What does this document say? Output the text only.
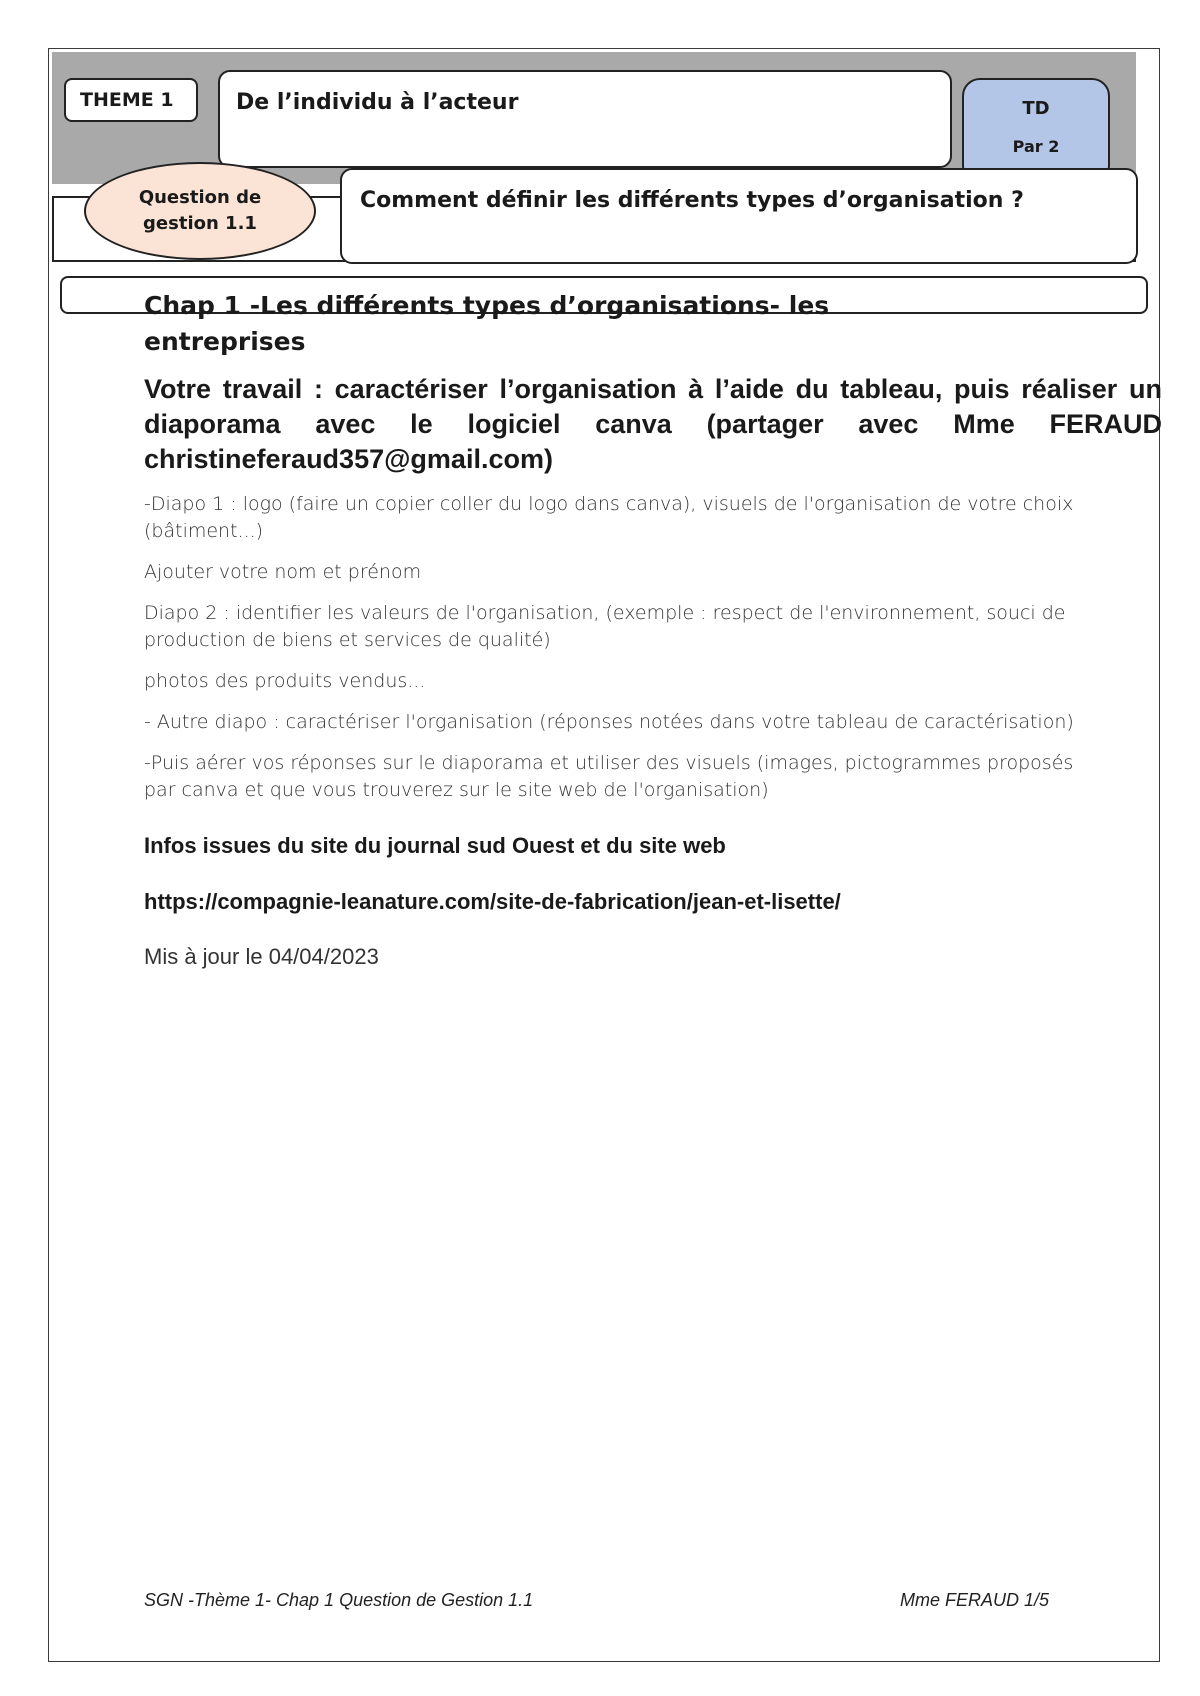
THEME 1	De l’individu à l’acteur	TD
Par 2
Comment définir les différents types d’organisation ?
Question de gestion 1.1
Chap 1 -Les différents types d’organisations- les entreprises

Votre travail : caractériser l’organisation à l’aide du tableau, puis réaliser un diaporama avec le logiciel canva (partager avec Mme FERAUD christineferaud357@gmail.com)

-Diapo 1 : logo (faire un copier coller du logo dans canva), visuels de l'organisation de votre choix (bâtiment...)

Ajouter votre nom et prénom

Diapo 2 : identifier les valeurs de l'organisation, (exemple : respect de l'environnement, souci de production de biens et services de qualité)

photos des produits vendus...

- Autre diapo : caractériser l'organisation (réponses notées dans votre tableau de caractérisation)

-Puis aérer vos réponses sur le diaporama et utiliser des visuels (images, pictogrammes proposés par canva et que vous trouverez sur le site web de l'organisation)

Infos issues du site du journal sud Ouest et du site web

https://compagnie-leanature.com/site-de-fabrication/jean-et-lisette/

Mis à jour le 04/04/2023

SGN -Thème 1- Chap 1 Question de Gestion 1.1	Mme FERAUD 1/5
